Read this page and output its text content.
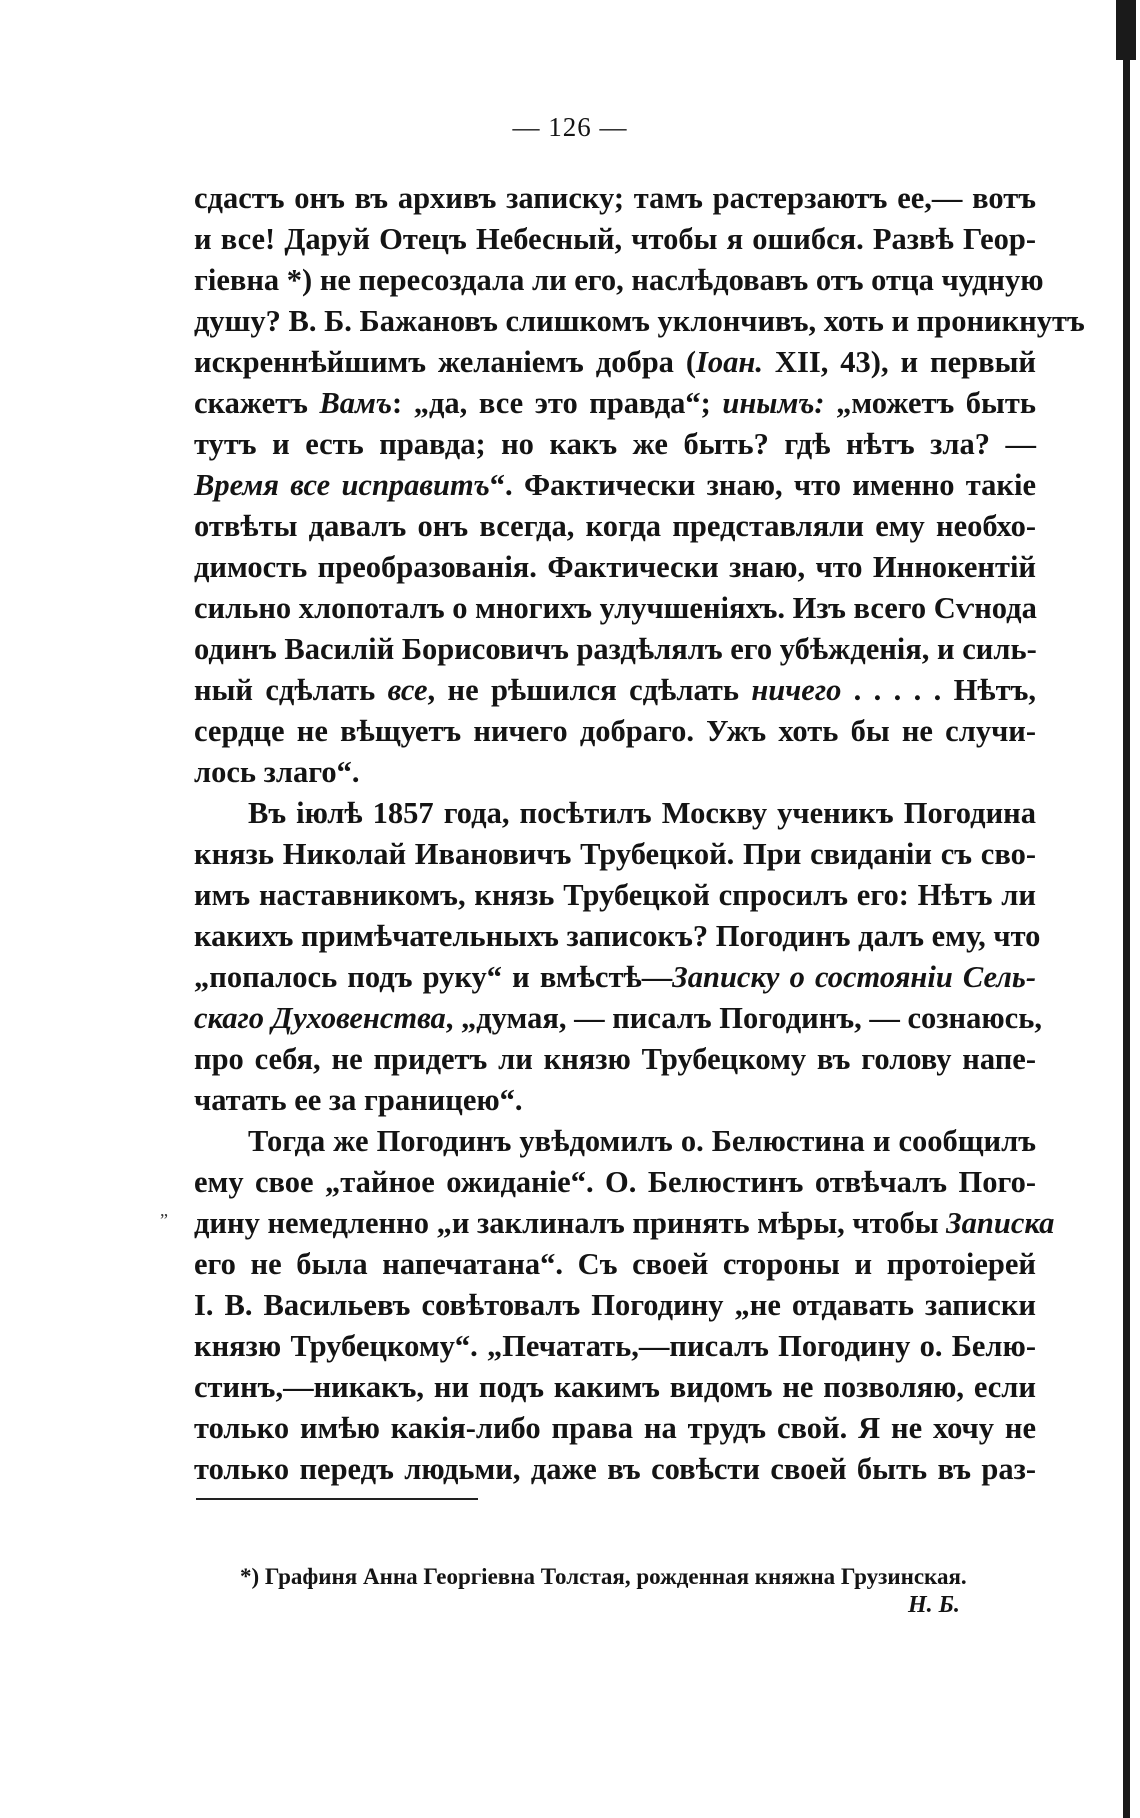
— 126 —
сдастъ онъ въ архивъ записку; тамъ растерзаютъ ее,— вотъ
и все! Даруй Отецъ Небесный, чтобы я ошибся. Развѣ Геор-
гіевна *) не пересоздала ли его, наслѣдовавъ отъ отца чудную
душу? В. Б. Бажановъ слишкомъ уклончивъ, хоть и проникнутъ
искреннѣйшимъ желаніемъ добра (Іоан. XII, 43), и первый
скажетъ Вамъ: „да, все это правда“; инымъ: „можетъ быть
тутъ и есть правда; но какъ же быть? гдѣ нѣтъ зла? —
Время все исправитъ“. Фактически знаю, что именно такіе
отвѣты давалъ онъ всегда, когда представляли ему необхо-
димость преобразованія. Фактически знаю, что Иннокентій
сильно хлопоталъ о многихъ улучшеніяхъ. Изъ всего Сѵнода
одинъ Василій Борисовичъ раздѣлялъ его убѣжденія, и силь-
ный сдѣлать все, не рѣшился сдѣлать ничего . . . . . Нѣтъ,
сердце не вѣщуетъ ничего добраго. Ужъ хоть бы не случи-
лось злаго“.
Въ іюлѣ 1857 года, посѣтилъ Москву ученикъ Погодина
князь Николай Ивановичъ Трубецкой. При свиданіи съ сво-
имъ наставникомъ, князь Трубецкой спросилъ его: Нѣтъ ли
какихъ примѣчательныхъ записокъ? Погодинъ далъ ему, что
„попалось подъ руку“ и вмѣстѣ—Записку о состояніи Сель-
скаго Духовенства, „думая, — писалъ Погодинъ, — сознаюсь,
про себя, не придетъ ли князю Трубецкому въ голову напе-
чатать ее за границею“.
Тогда же Погодинъ увѣдомилъ о. Белюстина и сообщилъ
ему свое „тайное ожиданіе“. О. Белюстинъ отвѣчалъ Пого-
дину немедленно „и заклиналъ принять мѣры, чтобы Записка
его не была напечатана“. Съ своей стороны и протоіерей
І. В. Васильевъ совѣтовалъ Погодину „не отдавать записки
князю Трубецкому“. „Печатать,—писалъ Погодину о. Белю-
стинъ,—никакъ, ни подъ какимъ видомъ не позволяю, если
только имѣю какія-либо права на трудъ свой. Я не хочу не
только передъ людьми, даже въ совѣсти своей быть въ раз-
”
*) Графиня Анна Георгіевна Толстая, рожденная княжна Грузинская.
Н. Б.
